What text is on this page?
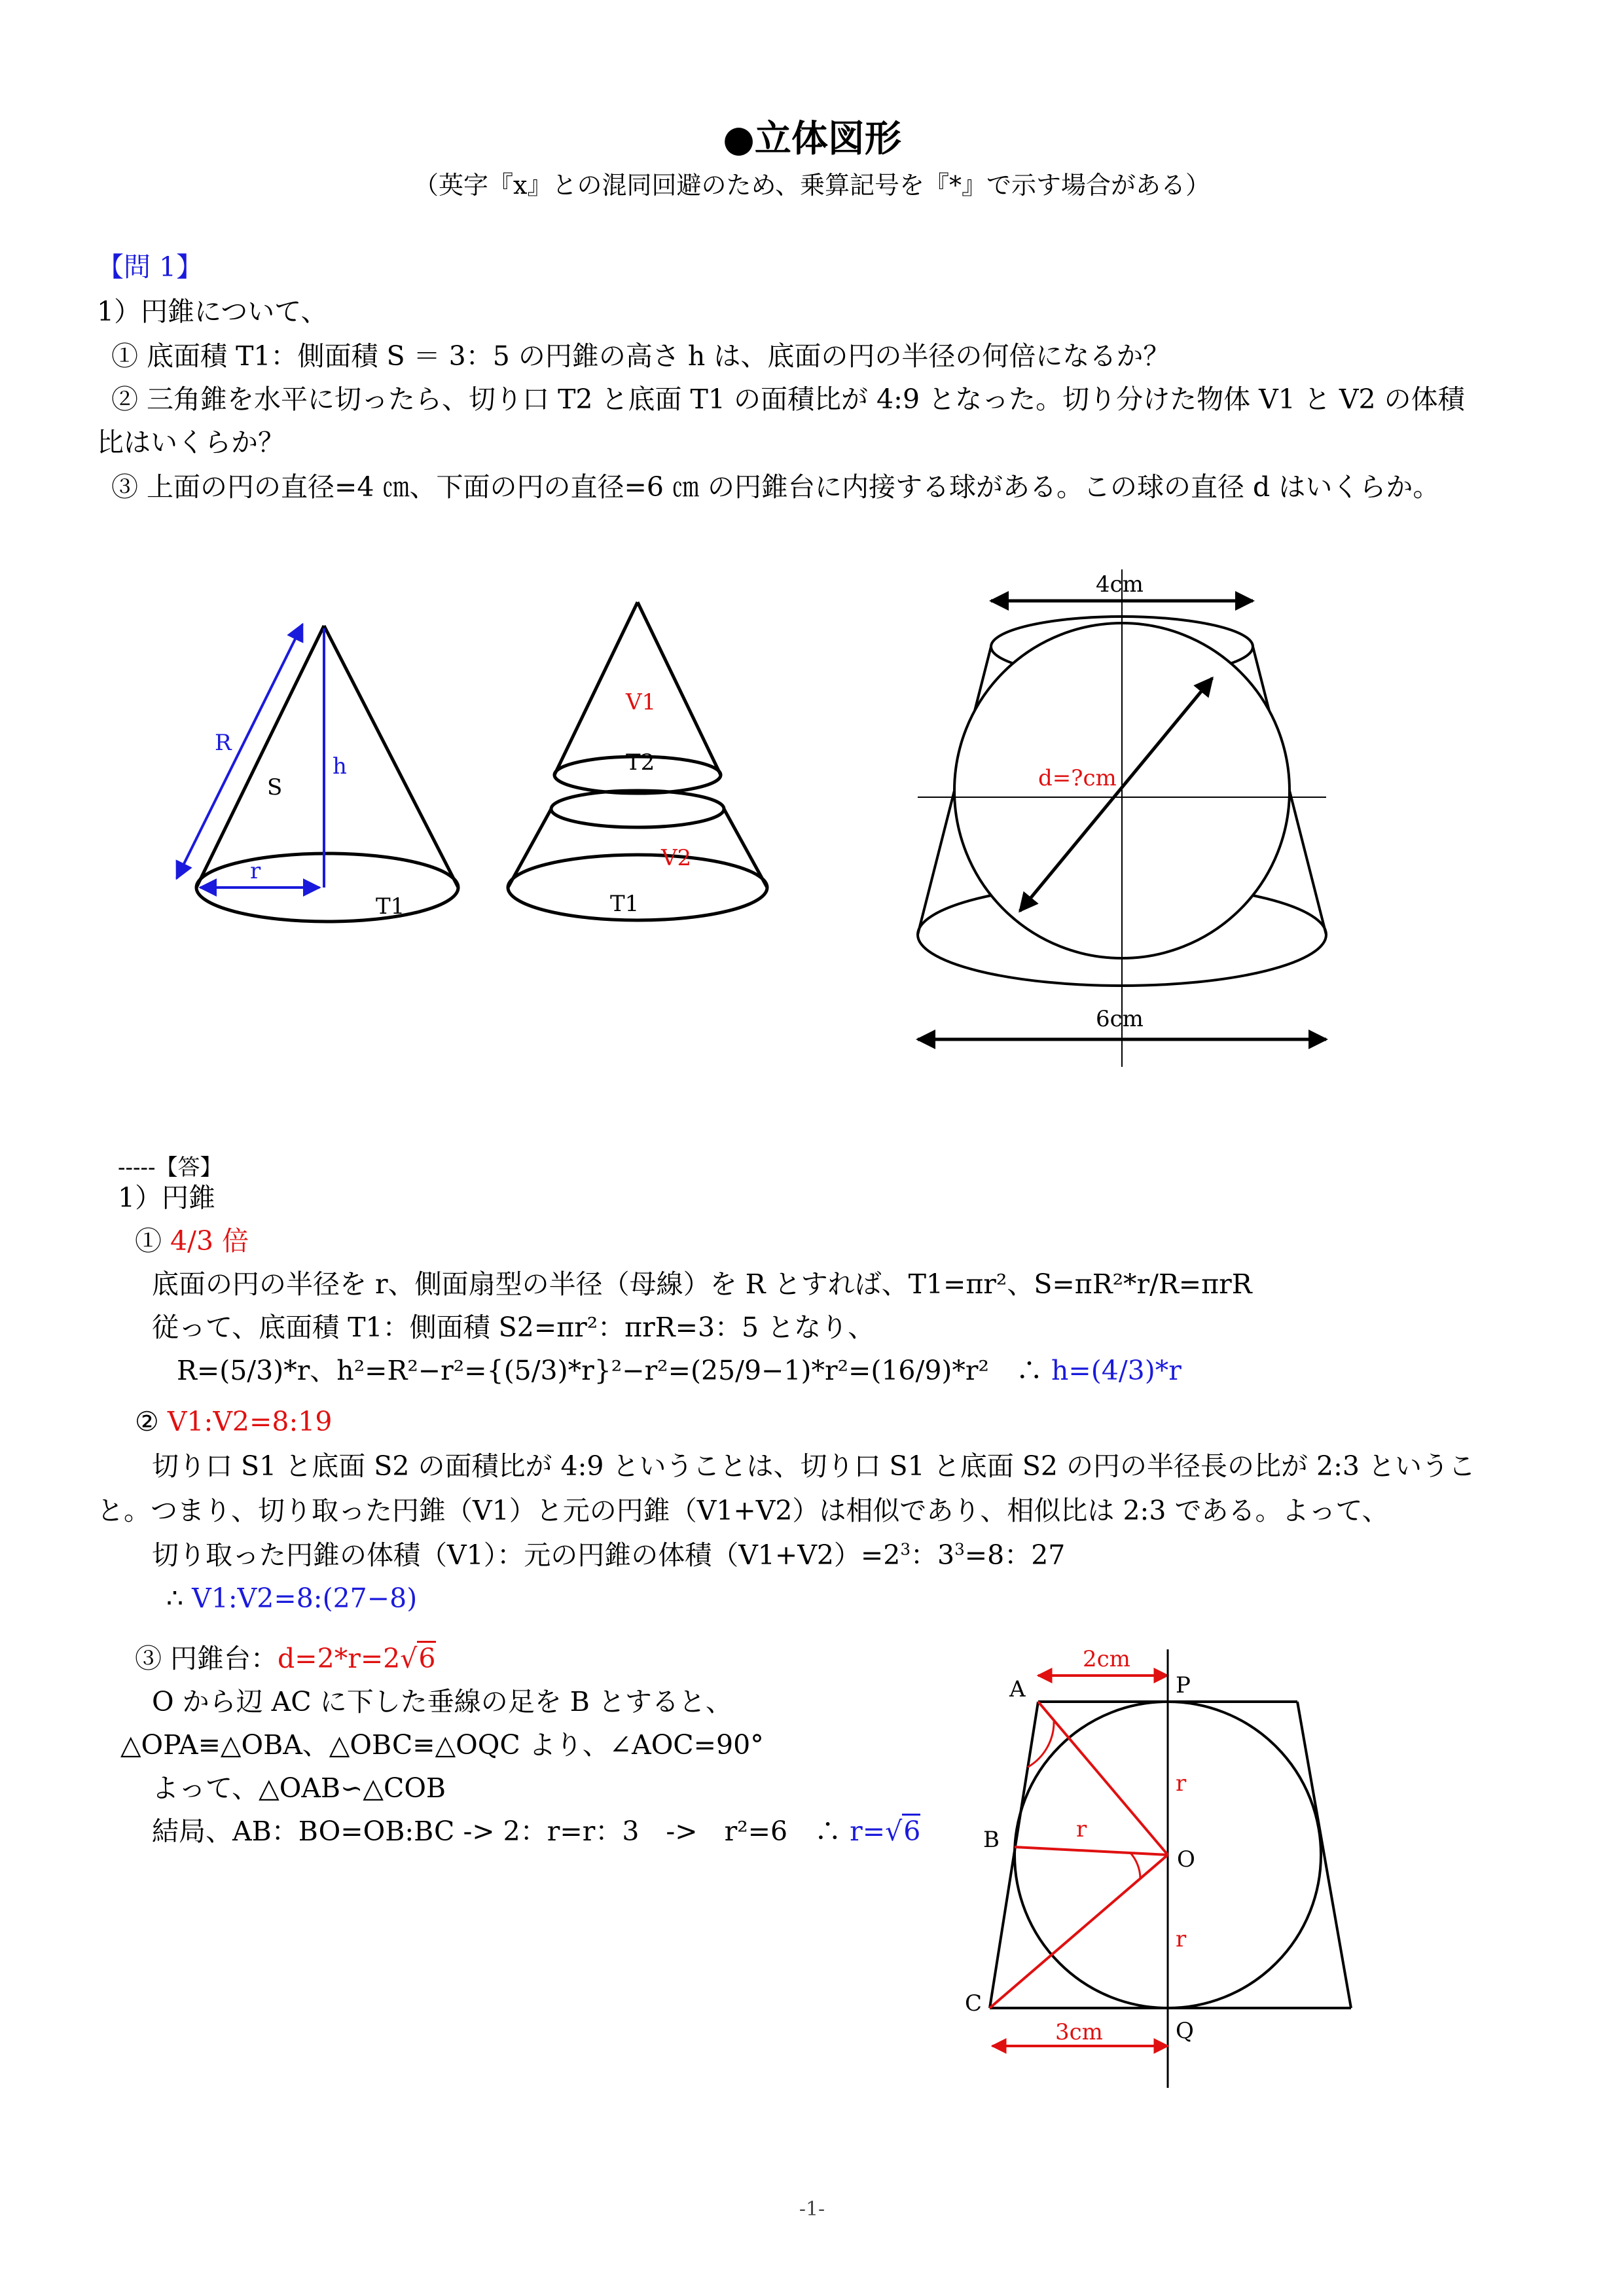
●立体図形
（英字『x』との混同回避のため、乗算記号を『*』で示す場合がある）
【問 1】
1）円錐について、
① 底面積 T1：側面積 S ＝ 3：5 の円錐の高さ h は、底面の円の半径の何倍になるか？
② 三角錐を水平に切ったら、切り口 T2 と底面 T1 の面積比が 4:9 となった。切り分けた物体 V1 と V2 の体積
比はいくらか？
③ 上面の円の直径=4 ㎝、下面の円の直径=6 ㎝ の円錐台に内接する球がある。この球の直径 d はいくらか。
R
h
S
r
T1
V1
T2
V2
T1
4cm
d=?cm
6cm
-----【答】
1）円錐
① 4/3 倍
底面の円の半径を r、側面扇型の半径（母線）を R とすれば、T1=πr²、S=πR²*r/R=πrR
従って、底面積 T1：側面積 S2=πr²：πrR=3：5 となり、
R=(5/3)*r、h²=R²−r²={(5/3)*r}²−r²=(25/9−1)*r²=(16/9)*r²　∴ h=(4/3)*r
② V1:V2=8:19
切り口 S1 と底面 S2 の面積比が 4:9 ということは、切り口 S1 と底面 S2 の円の半径長の比が 2:3 というこ
と。つまり、切り取った円錐（V1）と元の円錐（V1+V2）は相似であり、相似比は 2:3 である。よって、
切り取った円錐の体積（V1）：元の円錐の体積$(V1+V2)=2^3$：$3^3=8$：27
∴ V1:V2=8:(27−8)
③ 円錐台：d=2*r=2√6
O から辺 AC に下した垂線の足を B とすると、
△OPA≡△OBA、△OBC≡△OQC より、∠AOC=90°
よって、△OAB∽△COB
結局、AB：BO=OB:BC -> 2：r=r：3　->　r²=6　∴ r=√6
2cm
A
B
C
P
O
Q
r
r
r
3cm
-1-
